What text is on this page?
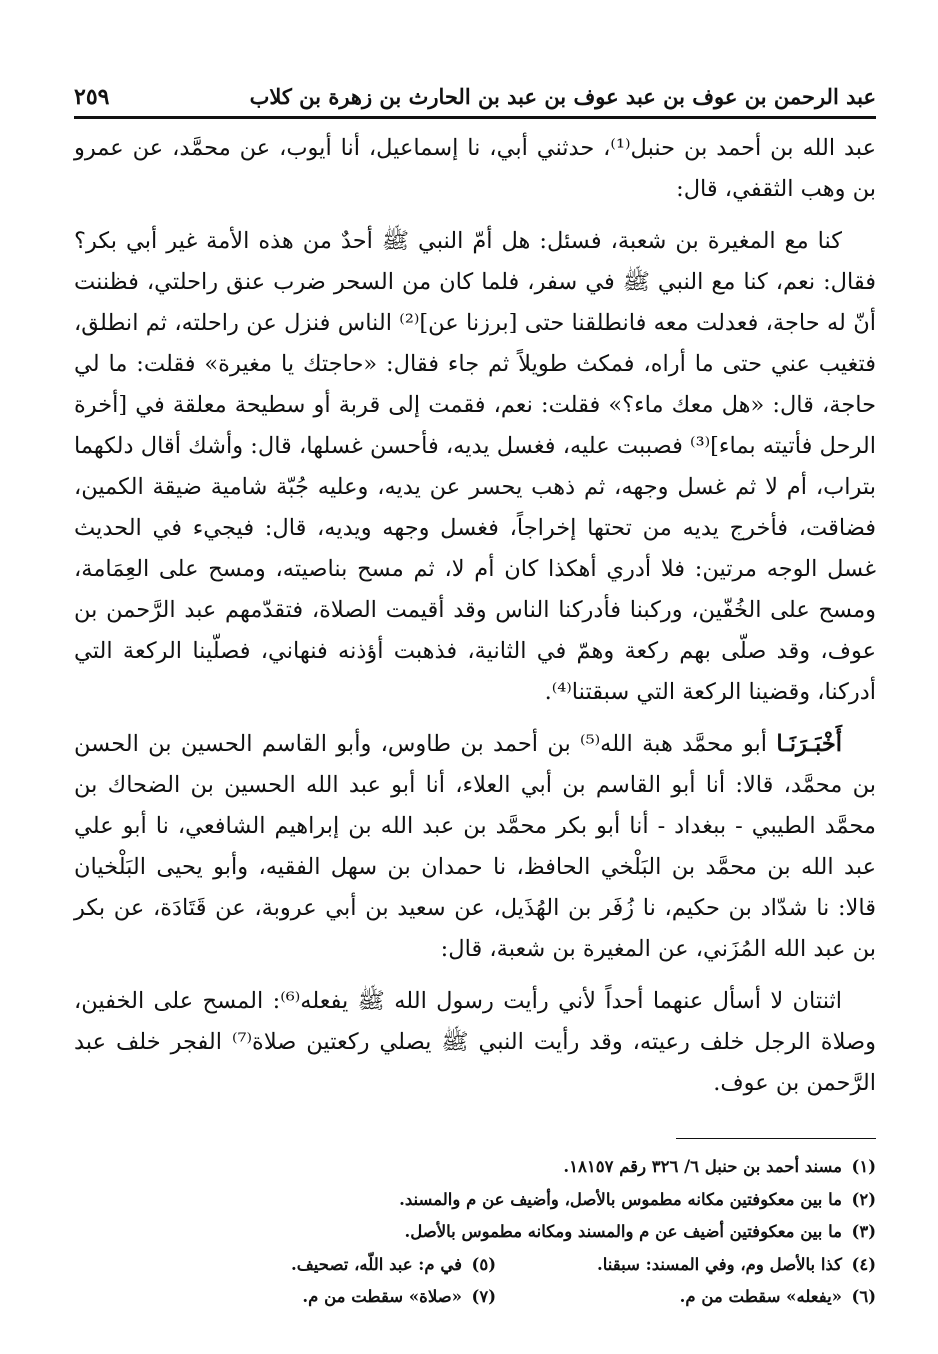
عبد الرحمن بن عوف بن عبد عوف بن عبد بن الحارث بن زهرة بن كلاب
٢٥٩

عبد الله بن أحمد بن حنبل⁽¹⁾، حدثني أبي، نا إسماعيل، أنا أيوب، عن محمَّد، عن عمرو بن وهب الثقفي، قال:

كنا مع المغيرة بن شعبة، فسئل: هل أمّ النبي ﷺ أحدٌ من هذه الأمة غير أبي بكر؟ فقال: نعم، كنا مع النبي ﷺ في سفر، فلما كان من السحر ضرب عنق راحلتي، فظننت أنّ له حاجة، فعدلت معه فانطلقنا حتى [برزنا عن]⁽²⁾ الناس فنزل عن راحلته، ثم انطلق، فتغيب عني حتى ما أراه، فمكث طويلاً ثم جاء فقال: «حاجتك يا مغيرة» فقلت: ما لي حاجة، قال: «هل معك ماء؟» فقلت: نعم، فقمت إلى قربة أو سطيحة معلقة في [أخرة الرحل فأتيته بماء]⁽³⁾ فصببت عليه، فغسل يديه، فأحسن غسلها، قال: وأشك أقال دلكهما بتراب، أم لا ثم غسل وجهه، ثم ذهب يحسر عن يديه، وعليه جُبّة شامية ضيقة الكمين، فضاقت، فأخرج يديه من تحتها إخراجاً، فغسل وجهه ويديه، قال: فيجيء في الحديث غسل الوجه مرتين: فلا أدري أهكذا كان أم لا، ثم مسح بناصيته، ومسح على العِمَامة، ومسح على الخُفّين، وركبنا فأدركنا الناس وقد أقيمت الصلاة، فتقدّمهم عبد الرَّحمن بن عوف، وقد صلّى بهم ركعة وهمّ في الثانية، فذهبت أؤذنه فنهاني، فصلّينا الركعة التي أدركنا، وقضينا الركعة التي سبقتنا⁽⁴⁾.

أَخْبَـرَنَـا أبو محمَّد هبة الله⁽⁵⁾ بن أحمد بن طاوس، وأبو القاسم الحسين بن الحسن بن محمَّد، قالا: أنا أبو القاسم بن أبي العلاء، أنا أبو عبد الله الحسين بن الضحاك بن محمَّد الطيبي - ببغداد - أنا أبو بكر محمَّد بن عبد الله بن إبراهيم الشافعي، نا أبو علي عبد الله بن محمَّد بن البَلْخي الحافظ، نا حمدان بن سهل الفقيه، وأبو يحيى البَلْخيان قالا: نا شدّاد بن حكيم، نا زُفَر بن الهُذَيل، عن سعيد بن أبي عروبة، عن قَتَادَة، عن بكر بن عبد الله المُزَني، عن المغيرة بن شعبة، قال:

اثنتان لا أسأل عنهما أحداً لأني رأيت رسول الله ﷺ يفعله⁽⁶⁾: المسح على الخفين، وصلاة الرجل خلف رعيته، وقد رأيت النبي ﷺ يصلي ركعتين صلاة⁽⁷⁾ الفجر خلف عبد الرَّحمن بن عوف.

(١)
مسند أحمد بن حنبل ٦/ ٣٢٦ رقم ١٨١٥٧.
(٢)
ما بين معكوفتين مكانه مطموس بالأصل، وأضيف عن م والمسند.
(٣)
ما بين معكوفتين أضيف عن م والمسند ومكانه مطموس بالأصل.
(٤)
كذا بالأصل وم، وفي المسند: سبقنا.
(٥)
في م: عبد اللّه، تصحيف.
(٦)
«يفعله» سقطت من م.
(٧)
«صلاة» سقطت من م.
